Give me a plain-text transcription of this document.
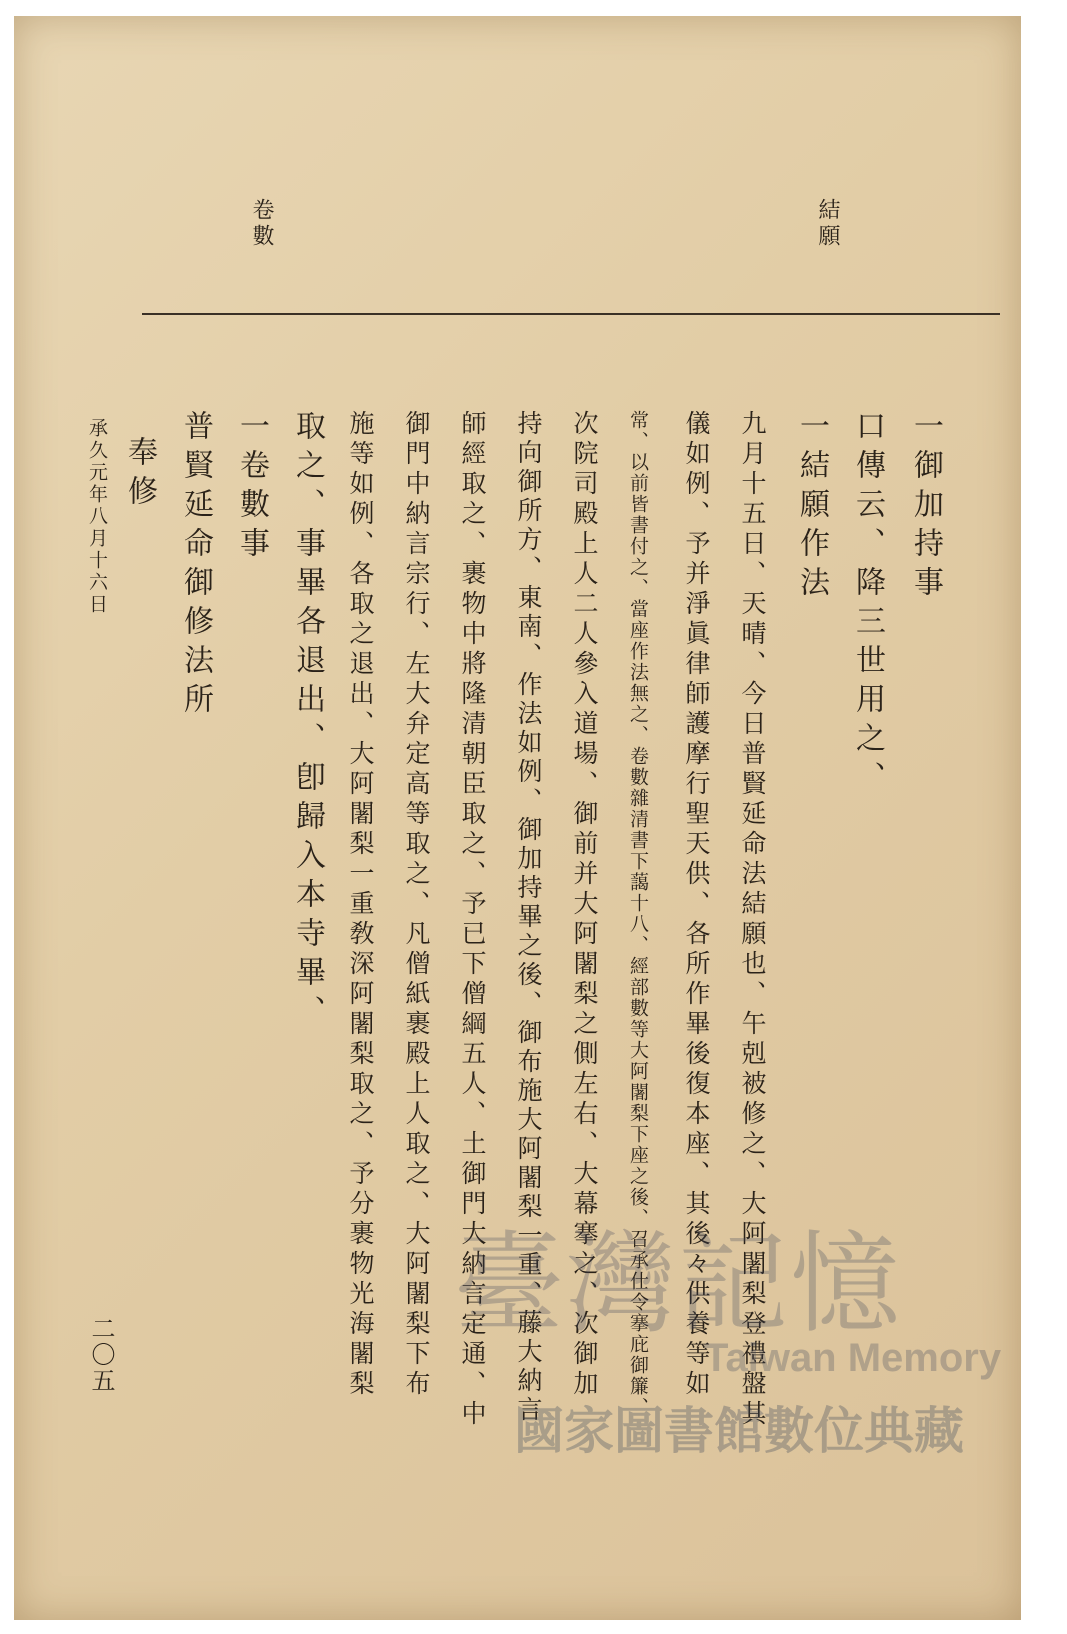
結願
卷數
一御加持事
口傳云、降三世用之、
一結願作法
九月十五日、天晴、今日普賢延命法結願也、午剋被修之、大阿闍梨登禮盤其
儀如例、予并淨眞律師護摩行聖天供、各所作畢後復本座、其後々供養等如
常、以前皆書付之、當座作法無之、卷數雜清書下藹十八、經部數等大阿闍梨下座之後、召承仕令搴庇御簾、
次院司殿上人二人參入道場、御前并大阿闍梨之側左右、大幕搴之、次御加
持向御所方、東南、作法如例、御加持畢之後、御布施大阿闍梨一重、藤大納言
師經取之、裹物中將隆清朝臣取之、予已下僧綱五人、土御門大納言定通、中
御門中納言宗行、左大弁定高等取之、凡僧紙裹殿上人取之、大阿闍梨下布
施等如例、各取之退出、大阿闍梨一重敎深阿闍梨取之、予分裹物光海闍梨
取之、事畢各退出、卽歸入本寺畢、
一卷數事
普賢延命御修法所
奉修
承久元年八月十六日
二〇五
臺灣記憶
Taiwan Memory
國家圖書館數位典藏
